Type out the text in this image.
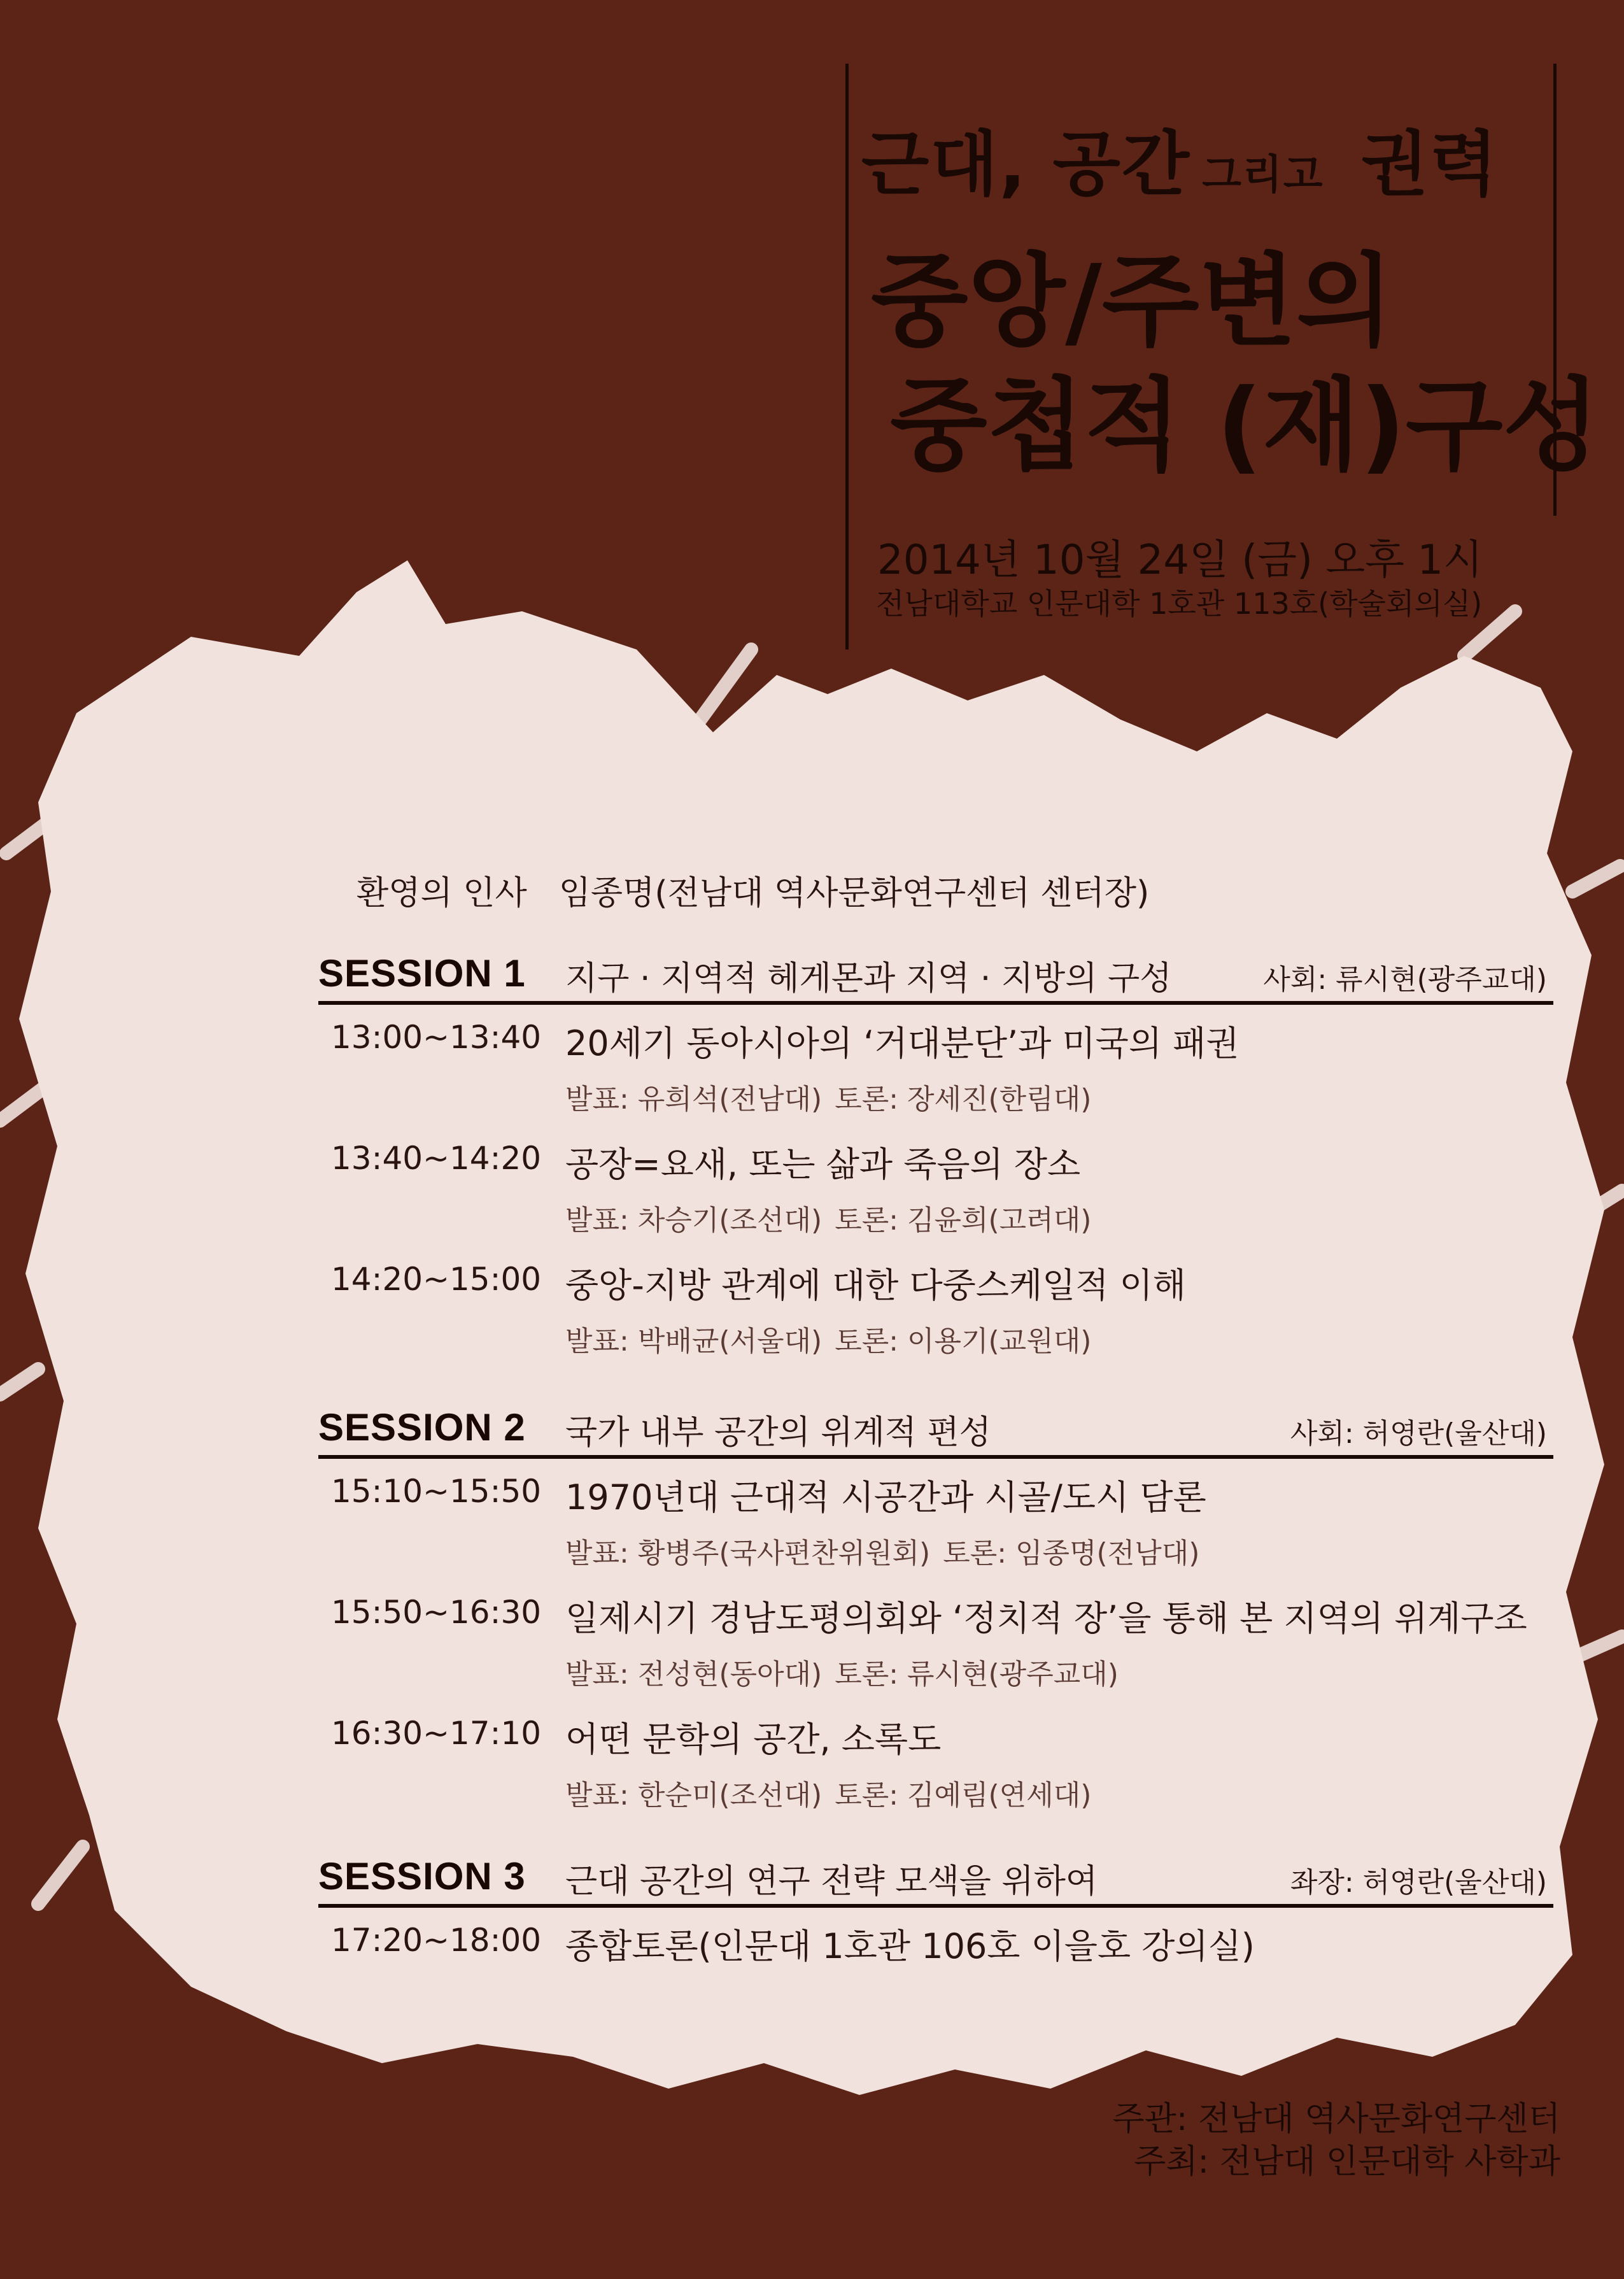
근대, 공간 그리고 권력
중앙/주변의
중첩적 (재)구성
2014년 10월 24일 (금) 오후 1시
전남대학교 인문대학 1호관 113호(학술회의실)
환영의 인사 임종명(전남대 역사문화연구센터 센터장)
SESSION 1 지구 · 지역적 헤게몬과 지역 · 지방의 구성	사회: 류시현(광주교대)
13:00~13:40 20세기 동아시아의 ‘거대분단’과 미국의 패권
발표: 유희석(전남대) 토론: 장세진(한림대)
13:40~14:20 공장=요새, 또는 삶과 죽음의 장소
발표: 차승기(조선대) 토론: 김윤희(고려대)
14:20~15:00 중앙-지방 관계에 대한 다중스케일적 이해
발표: 박배균(서울대) 토론: 이용기(교원대)
SESSION 2 국가 내부 공간의 위계적 편성	사회: 허영란(울산대)
15:10~15:50 1970년대 근대적 시공간과 시골/도시 담론
발표: 황병주(국사편찬위원회) 토론: 임종명(전남대)
15:50~16:30 일제시기 경남도평의회와 ‘정치적 장’을 통해 본 지역의 위계구조
발표: 전성현(동아대) 토론: 류시현(광주교대)
16:30~17:10 어떤 문학의 공간, 소록도
발표: 한순미(조선대) 토론: 김예림(연세대)
SESSION 3 근대 공간의 연구 전략 모색을 위하여	좌장: 허영란(울산대)
17:20~18:00 종합토론(인문대 1호관 106호 이을호 강의실)
주관: 전남대 역사문화연구센터
주최: 전남대 인문대학 사학과
